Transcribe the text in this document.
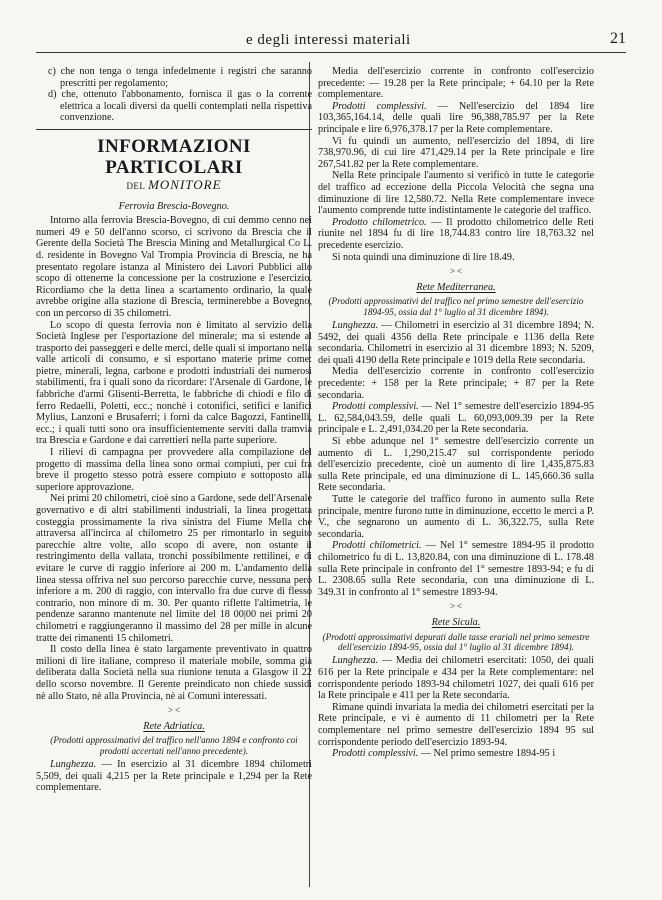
e degli interessi materiali	21

c) che non tenga o tenga infedelmente i registri che saranno prescritti per regolamento;

d) che, ottenuto l'abbonamento, fornisca il gas o la corrente elettrica a locali diversi da quelli contemplati nella rispettiva convenzione.

INFORMAZIONI PARTICOLARI
DEL MONITORE
Ferrovia Brescia-Bovegno.

Intorno alla ferrovia Brescia-Bovegno, di cui demmo cenno nei numeri 49 e 50 dell'anno scorso, ci scrivono da Brescia che il Gerente della Società The Brescia Mining and Metallurgical Co L. d. residente in Bovegno Val Trompia Provincia di Brescia, ne ha presentato regolare istanza al Ministero dei Lavori Pubblici allo scopo di ottenerne la concessione per la costruzione e l'esercizio. Ricordiamo che la detta linea a scartamento ordinario, la quale avrebbe origine alla stazione di Brescia, terminerebbe a Bovegno, con un percorso di 35 chilometri.

Lo scopo di questa ferrovia non è limitato al servizio della Società Inglese per l'esportazione del minerale; ma si estende al trasporto dei passeggeri e delle merci, delle quali si importano nella valle articoli di consumo, e si esportano materie prime come: pietre, minerali, legna, carbone e prodotti industriali dei numerosi stabilimenti, fra i quali sono da ricordare: l'Arsenale di Gardone, le fabbriche d'armi Glisenti-Berretta, le fabbriche di chiodi e filo di ferro Redaelli, Poletti, ecc.; nonchè i cotonifici, setifici e lanifici Mylius, Lanzoni e Brusaferri; i forni da calce Bagozzi, Fantinelli, ecc.; i quali tutti sono ora insufficientemente serviti dalla tramvia tra Brescia e Gardone e dai carrettieri nella parte superiore.

I rilievi di campagna per provvedere alla compilazione del progetto di massima della linea sono ormai compiuti, per cui fra breve il progetto stesso potrà essere compiuto e sottoposto alla superiore approvazione.

Nei primi 20 chilometri, cioè sino a Gardone, sede dell'Arsenale governativo e di altri stabilimenti industriali, la linea progettata costeggia prossimamente la riva sinistra del Fiume Mella che attraversa all'incirca al chilometro 25 per rimontarlo in seguito parecchie altre volte, allo scopo di avere, non ostante il restringimento della vallata, tronchi possibilmente rettilinei, e di evitare le curve di raggio inferiore ai 200 m. L'andamento della linea stessa offriva nel suo percorso parecchie curve, nessuna però inferiore a m. 200 di raggio, con intervallo fra due curve di flesso contrario, non minore di m. 30. Per quanto riflette l'altimetria, le pendenze saranno mantenute nel limite del 18 00|00 nei primi 20 chilometri e raggiungeranno il massimo del 28 per mille in alcune tratte dei rimanenti 15 chilometri.

Il costo della linea è stato largamente preventivato in quattro milioni di lire italiane, compreso il materiale mobile, somma già deliberata dalla Società nella sua riunione tenuta a Glasgow il 22 dello scorso novembre. Il Gerente preindicato non chiede sussidi nè allo Stato, nè alla Provincia, nè ai Comuni interessati.

> <
Rete Adriatica.
(Prodotti approssimativi del traffico nell'anno 1894 e confronto coi prodotti accertati nell'anno precedente).

Lunghezza. — In esercizio al 31 dicembre 1894 chilometri 5,509, dei quali 4,215 per la Rete principale e 1,294 per la Rete complementare.

Media dell'esercizio corrente in confronto coll'esercizio precedente: — 19.28 per la Rete principale; + 64.10 per la Rete complementare.

Prodotti complessivi. — Nell'esercizio del 1894 lire 103,365,164.14, delle quali lire 96,388,785.97 per la Rete principale e lire 6,976,378.17 per la Rete complementare.

Vi fu quindi un aumento, nell'esercizio del 1894, di lire 738,970.96, di cui lire 471,429.14 per la Rete principale e lire 267,541.82 per la Rete complementare.

Nella Rete principale l'aumento si verificò in tutte le categorie del traffico ad eccezione della Piccola Velocità che segna una diminuzione di lire 12,580.72. Nella Rete complementare invece l'aumento comprende tutte indistintamente le categorie del traffico.

Prodotto chilometrico. — Il prodotto chilometrico delle Reti riunite nel 1894 fu di lire 18,744.83 contro lire 18,763.32 nel precedente esercizio.

Si nota quindi una diminuzione di lire 18.49.

> <
Rete Mediterranea.
(Prodotti approssimativi del traffico nel primo semestre dell'esercizio 1894-95, ossia dal 1° luglio al 31 dicembre 1894).

Lunghezza. — Chilometri in esercizio al 31 dicembre 1894; N. 5492, dei quali 4356 della Rete principale e 1136 della Rete secondaria. Chilometri in esercizio al 31 dicembre 1893; N. 5209, dei quali 4190 della Rete principale e 1019 della Rete secondaria.

Media dell'esercizio corrente in confronto coll'esercizio precedente: + 158 per la Rete principale; + 87 per la Rete secondaria.

Prodotti complessivi. — Nel 1° semestre dell'esercizio 1894-95 L. 62,584,043.59, delle quali L. 60,093,009.39 per la Rete principale e L. 2,491,034.20 per la Rete secondaria.

Si ebbe adunque nel 1° semestre dell'esercizio corrente un aumento di L. 1,290,215.47 sul corrispondente periodo dell'esercizio precedente, cioè un aumento di lire 1,435,875.83 sulla Rete principale, ed una diminuzione di L. 145,660.36 sulla Rete secondaria.

Tutte le categorie del traffico furono in aumento sulla Rete principale, mentre furono tutte in diminuzione, eccetto le merci a P. V., che segnarono un aumento di L. 36,322.75, sulla Rete secondaria.

Prodotti chilometrici. — Nel 1° semestre 1894-95 il prodotto chilometrico fu di L. 13,820.84, con una diminuzione di L. 178.48 sulla Rete principale in confronto del 1° semestre 1893-94; e fu di L. 2308.65 sulla Rete secondaria, con una diminuzione di L. 349.31 in confronto al 1° semestre 1893-94.

> <
Rete Sicula.
(Prodotti approssimativi depurati dalle tasse erariali nel primo semestre dell'esercizio 1894-95, ossia dal 1° luglio al 31 dicembre 1894).

Lunghezza. — Media dei chilometri esercitati: 1050, dei quali 616 per la Rete principale e 434 per la Rete complementare: nel corrispondente periodo 1893-94 chilometri 1027, dei quali 616 per la Rete principale e 411 per la Rete secondaria.

Rimane quindi invariata la media dei chilometri esercitati per la Rete principale, e vi è aumento di 11 chilometri per la Rete complementare nel primo semestre dell'esercizio 1894 95 sul corrispondente periodo dell'esercizio 1893-94.

Prodotti complessivi. — Nel primo semestre 1894-95 i
